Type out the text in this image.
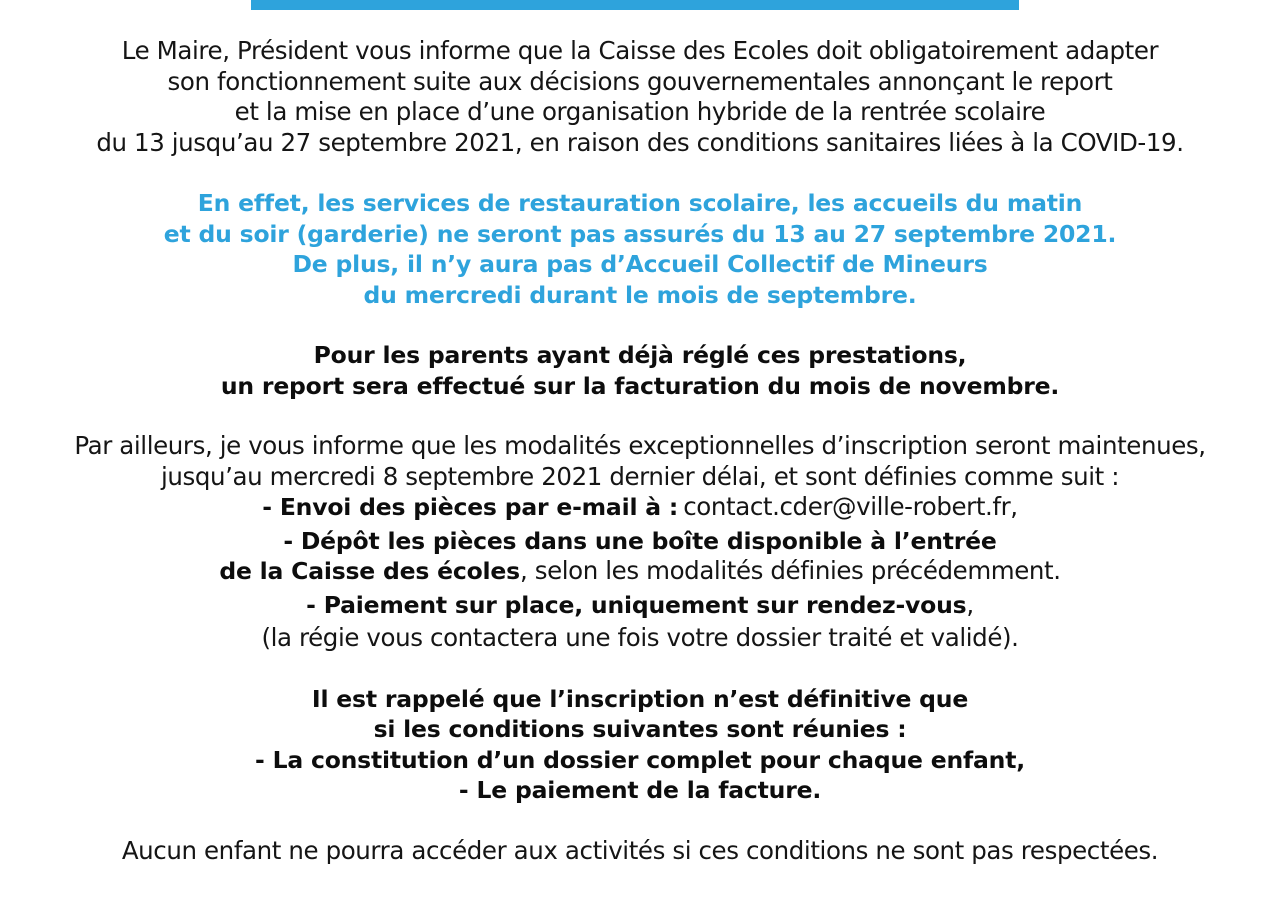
Le Maire, Président vous informe que la Caisse des Ecoles doit obligatoirement adapter
son fonctionnement suite aux décisions gouvernementales annonçant le report
et la mise en place d’une organisation hybride de la rentrée scolaire
du 13 jusqu’au 27 septembre 2021, en raison des conditions sanitaires liées à la COVID-19.

En effet, les services de restauration scolaire, les accueils du matin
et du soir (garderie) ne seront pas assurés du 13 au 27 septembre 2021.
De plus, il n’y aura pas d’Accueil Collectif de Mineurs
du mercredi durant le mois de septembre.

Pour les parents ayant déjà réglé ces prestations,
un report sera effectué sur la facturation du mois de novembre.

Par ailleurs, je vous informe que les modalités exceptionnelles d’inscription seront maintenues,
jusqu’au mercredi 8 septembre 2021 dernier délai, et sont définies comme suit :
- Envoi des pièces par e-mail à : contact.cder@ville-robert.fr,
- Dépôt les pièces dans une boîte disponible à l’entrée
de la Caisse des écoles, selon les modalités définies précédemment.
- Paiement sur place, uniquement sur rendez-vous,
(la régie vous contactera une fois votre dossier traité et validé).

Il est rappelé que l’inscription n’est définitive que
si les conditions suivantes sont réunies :
- La constitution d’un dossier complet pour chaque enfant,
- Le paiement de la facture.

Aucun enfant ne pourra accéder aux activités si ces conditions ne sont pas respectées.
